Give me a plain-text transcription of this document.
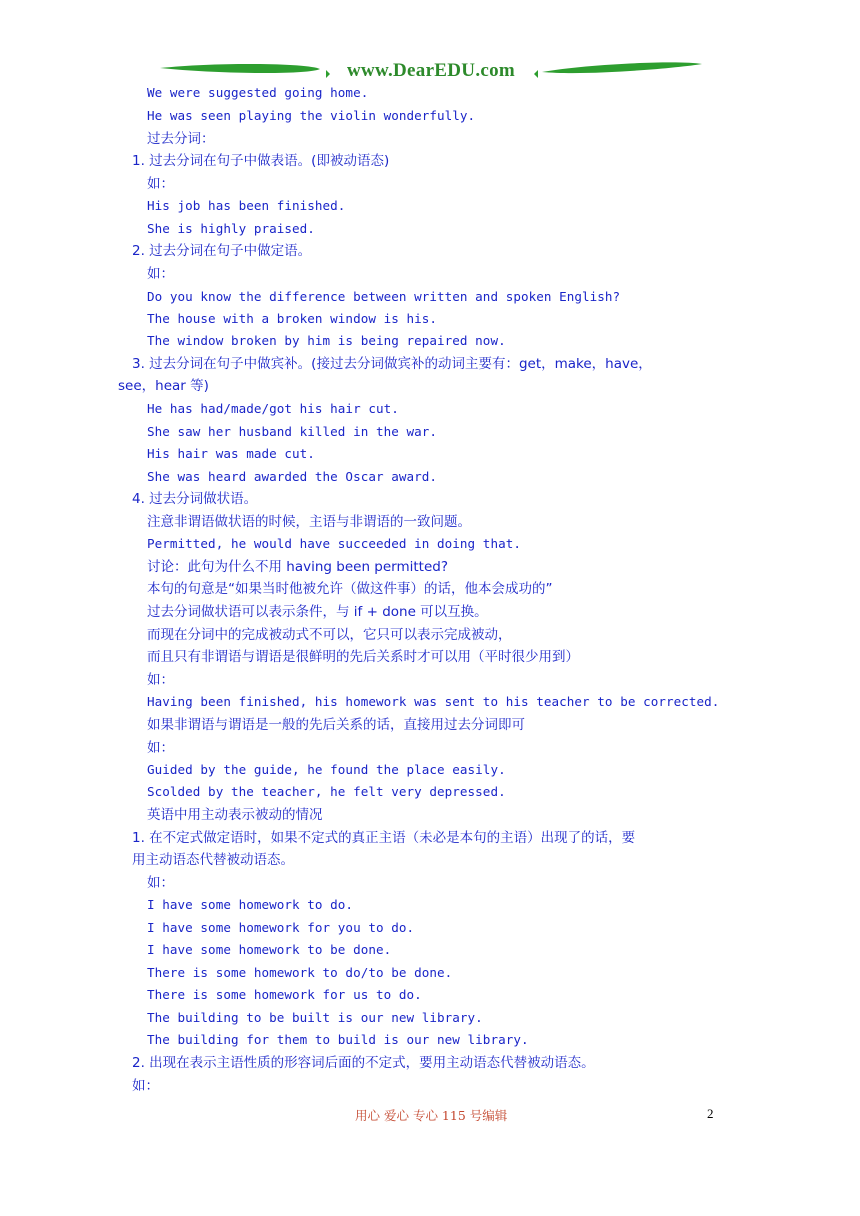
www.DearEDU.com
We were suggested going home.
He was seen playing the violin wonderfully.
过去分词：
1. 过去分词在句子中做表语。(即被动语态)
如：
His job has been finished.
She is highly praised.
2. 过去分词在句子中做定语。
如：
Do you know the difference between written and spoken English?
The house with a broken window is his.
The window broken by him is being repaired now.
3. 过去分词在句子中做宾补。(接过去分词做宾补的动词主要有：get，make，have，
see，hear 等)
He has had/made/got his hair cut.
She saw her husband killed in the war.
His hair was made cut.
She was heard awarded the Oscar award.
4. 过去分词做状语。
注意非谓语做状语的时候，主语与非谓语的一致问题。
Permitted, he would have succeeded in doing that.
讨论：此句为什么不用 having been permitted?
本句的句意是“如果当时他被允许（做这件事）的话，他本会成功的”
过去分词做状语可以表示条件，与 if + done 可以互换。
而现在分词中的完成被动式不可以，它只可以表示完成被动，
而且只有非谓语与谓语是很鲜明的先后关系时才可以用（平时很少用到）
如：
Having been finished, his homework was sent to his teacher to be corrected.
如果非谓语与谓语是一般的先后关系的话，直接用过去分词即可
如：
Guided by the guide, he found the place easily.
Scolded by the teacher, he felt very depressed.
英语中用主动表示被动的情况
1. 在不定式做定语时，如果不定式的真正主语（未必是本句的主语）出现了的话，要
用主动语态代替被动语态。
如：
I have some homework to do.
I have some homework for you to do.
I have some homework to be done.
There is some homework to do/to be done.
There is some homework for us to do.
The building to be built is our new library.
The building for them to build is our new library.
2. 出现在表示主语性质的形容词后面的不定式，要用主动语态代替被动语态。
如：
用心 爱心 专心 115 号编辑	2
